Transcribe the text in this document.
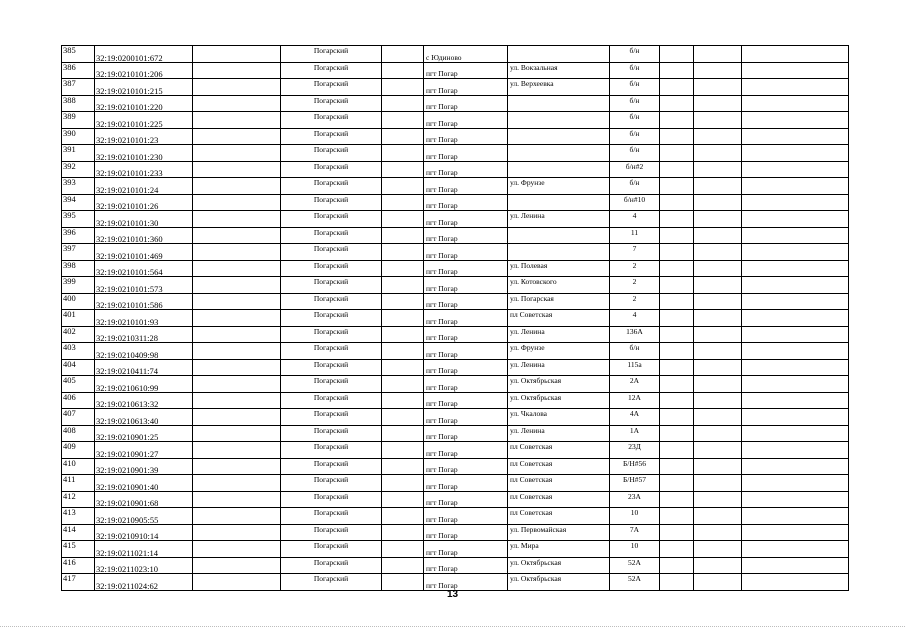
385	32:19:0200101:672		Погарский		с Юдиново		б/н			
386	32:19:0210101:206		Погарский		пгт Погар	ул. Вокзальная	б/н			
387	32:19:0210101:215		Погарский		пгт Погар	ул. Верхеевка	б/н			
388	32:19:0210101:220		Погарский		пгт Погар		б/н			
389	32:19:0210101:225		Погарский		пгт Погар		б/н			
390	32:19:0210101:23		Погарский		пгт Погар		б/н			
391	32:19:0210101:230		Погарский		пгт Погар		б/н			
392	32:19:0210101:233		Погарский		пгт Погар		б/н#2			
393	32:19:0210101:24		Погарский		пгт Погар	ул. Фрунзе	б/н			
394	32:19:0210101:26		Погарский		пгт Погар		б/н#10			
395	32:19:0210101:30		Погарский		пгт Погар	ул. Ленина	4			
396	32:19:0210101:360		Погарский		пгт Погар		11			
397	32:19:0210101:469		Погарский		пгт Погар		7			
398	32:19:0210101:564		Погарский		пгт Погар	ул. Полевая	2			
399	32:19:0210101:573		Погарский		пгт Погар	ул. Котовского	2			
400	32:19:0210101:586		Погарский		пгт Погар	ул. Погарская	2			
401	32:19:0210101:93		Погарский		пгт Погар	пл Советская	4			
402	32:19:0210311:28		Погарский		пгт Погар	ул. Ленина	136А			
403	32:19:0210409:98		Погарский		пгт Погар	ул. Фрунзе	б/н			
404	32:19:0210411:74		Погарский		пгт Погар	ул. Ленина	115а			
405	32:19:0210610:99		Погарский		пгт Погар	ул. Октябрьская	2А			
406	32:19:0210613:32		Погарский		пгт Погар	ул. Октябрьская	12А			
407	32:19:0210613:40		Погарский		пгт Погар	ул. Чкалова	4А			
408	32:19:0210901:25		Погарский		пгт Погар	ул. Ленина	1А			
409	32:19:0210901:27		Погарский		пгт Погар	пл Советская	23Д			
410	32:19:0210901:39		Погарский		пгт Погар	пл Советская	Б/Н#56			
411	32:19:0210901:40		Погарский		пгт Погар	пл Советская	Б/Н#57			
412	32:19:0210901:68		Погарский		пгт Погар	пл Советская	23А			
413	32:19:0210905:55		Погарский		пгт Погар	пл Советская	10			
414	32:19:0210910:14		Погарский		пгт Погар	ул. Первомайская	7А			
415	32:19:0211021:14		Погарский		пгт Погар	ул. Мира	10			
416	32:19:0211023:10		Погарский		пгт Погар	ул. Октябрьская	52А			
417	32:19:0211024:62		Погарский		пгт Погар	ул. Октябрьская	52А			
13
